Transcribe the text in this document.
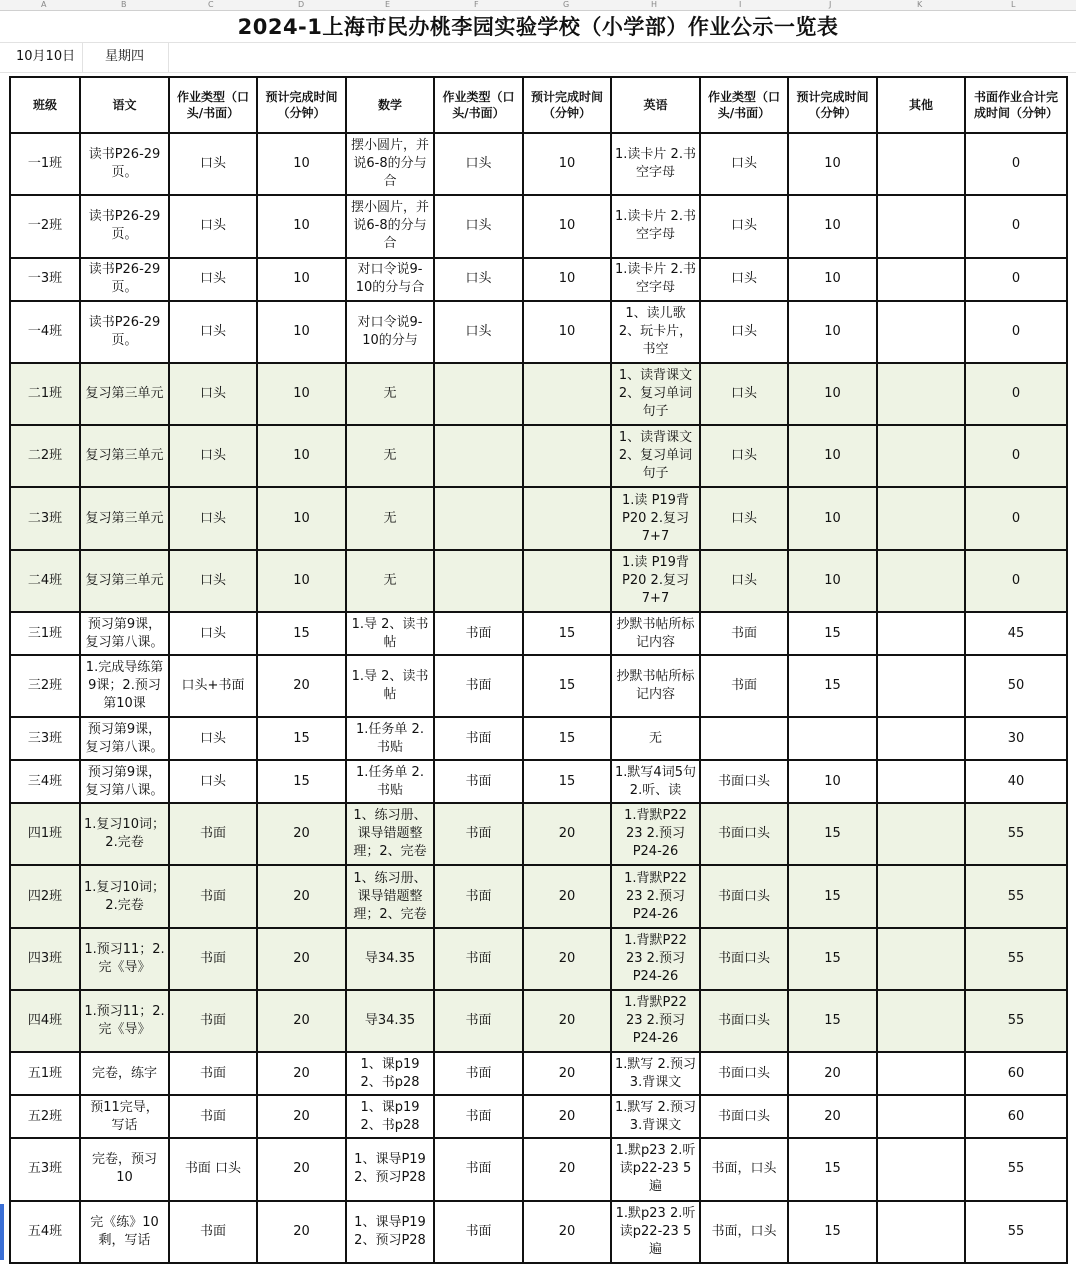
A	B	C	D	E	F	G	H	I	J	K	L
2024-1上海市民办桃李园实验学校（小学部）作业公示一览表
10月10日 星期四
班级	语文	作业类型（口头/书面）	预计完成时间（分钟）	数学	作业类型（口头/书面）	预计完成时间（分钟）	英语	作业类型（口头/书面）	预计完成时间（分钟）	其他	书面作业合计完成时间（分钟）

一1班	读书P26-29页。	口头	10	摆小圆片，并说6-8的分与合	口头	10	1.读卡片 2.书空字母	口头	10		0

一2班	读书P26-29页。	口头	10	摆小圆片，并说6-8的分与合	口头	10	1.读卡片 2.书空字母	口头	10		0

一3班	读书P26-29页。	口头	10	对口令说9-10的分与合	口头	10	1.读卡片 2.书空字母	口头	10		0

一4班	读书P26-29页。	口头	10	对口令说9-10的分与	口头	10	1、读儿歌 2、玩卡片，书空	口头	10		0

二1班	复习第三单元	口头	10	无			1、读背课文 2、复习单词句子	口头	10		0

二2班	复习第三单元	口头	10	无			1、读背课文 2、复习单词句子	口头	10		0

二3班	复习第三单元	口头	10	无			1.读 P19背P20 2.复习7+7	口头	10		0

二4班	复习第三单元	口头	10	无			1.读 P19背P20 2.复习7+7	口头	10		0

三1班	预习第9课，复习第八课。	口头	15	1.导 2、读书帖	书面	15	抄默书帖所标记内容	书面	15		45

三2班	1.完成导练第9课；2.预习第10课	口头+书面	20	1.导 2、读书帖	书面	15	抄默书帖所标记内容	书面	15		50

三3班	预习第9课，复习第八课。	口头	15	1.任务单 2.书贴	书面	15	无				30

三4班	预习第9课，复习第八课。	口头	15	1.任务单 2.书贴	书面	15	1.默写4词5句 2.听、读	书面口头	10		40

四1班	1.复习10词；2.完卷	书面	20	1、练习册、课导错题整理；2、完卷	书面	20	1.背默P22 23 2.预习P24-26	书面口头	15		55

四2班	1.复习10词；2.完卷	书面	20	1、练习册、课导错题整理；2、完卷	书面	20	1.背默P22 23 2.预习P24-26	书面口头	15		55

四3班	1.预习11；2.完《导》	书面	20	导34.35	书面	20	1.背默P22 23 2.预习P24-26	书面口头	15		55

四4班	1.预习11；2.完《导》	书面	20	导34.35	书面	20	1.背默P22 23 2.预习P24-26	书面口头	15		55

五1班	完卷，练字	书面	20	1、课p19 2、书p28	书面	20	1.默写 2.预习 3.背课文	书面口头	20		60

五2班	预11完导，写话	书面	20	1、课p19 2、书p28	书面	20	1.默写 2.预习 3.背课文	书面口头	20		60

五3班	完卷，预习10	书面 口头	20	1、课导P19 2、预习P28	书面	20	1.默p23 2.听读p22-23 5遍	书面，口头	15		55

五4班	完《练》10剩，写话	书面	20	1、课导P19 2、预习P28	书面	20	1.默p23 2.听读p22-23 5遍	书面，口头	15		55
